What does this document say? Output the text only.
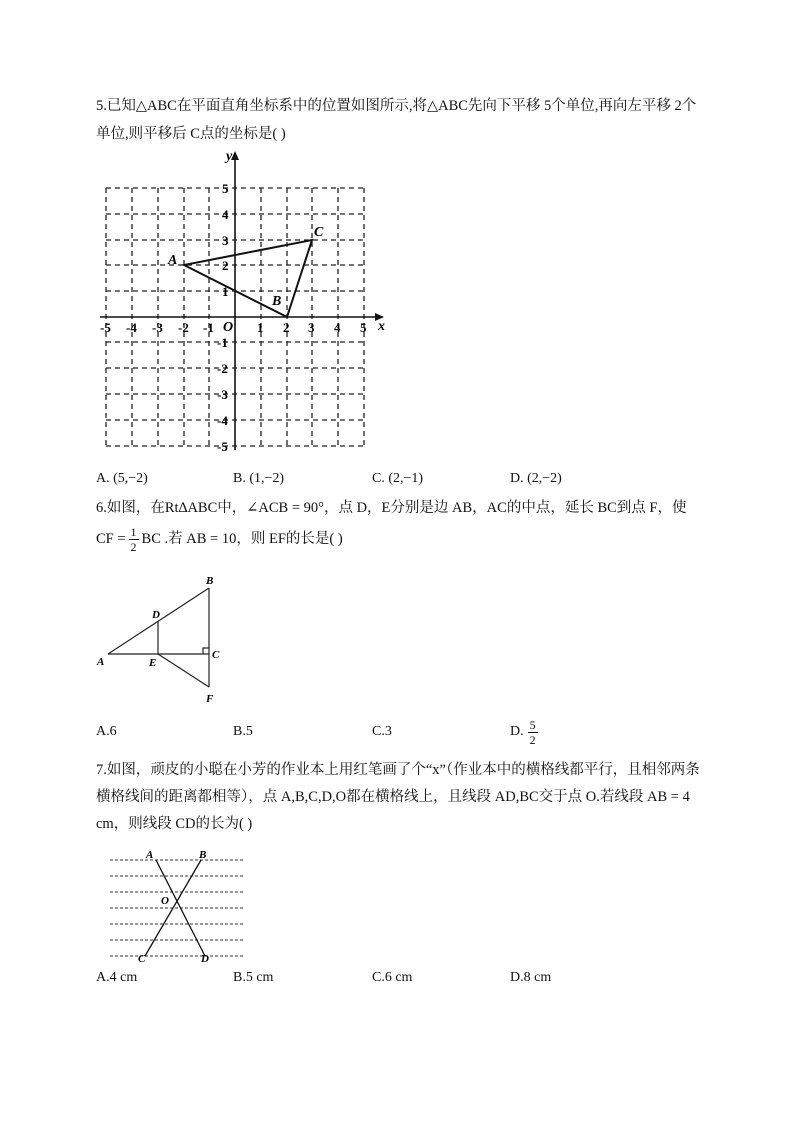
5.已知△ABC在平面直角坐标系中的位置如图所示,将△ABC先向下平移 5个单位,再向左平移 2个
单位,则平移后 C点的坐标是( )
x
y
O
-5 -4 -3 -2 -1	1 2 3 4 5
5
4
3
2
1
-1
-2
-3
-4
-5
A
B
C
A. (5,−2)	B. (1,−2)	C. (2,−1)	D. (2,−2)
6.如图，在Rt∆ABC中，∠ACB = 90°，点 D，E分别是边 AB，AC的中点，延长 BC到点 F，使
CF = $\frac{1}{2}$ BC .若 AB = 10，则 EF的长是( )
A
B
C
D
E
F
A.6	B.5	C.3	D. $\frac{5}{2}$
7.如图，顽皮的小聪在小芳的作业本上用红笔画了个“x”（作业本中的横格线都平行，且相邻两条
横格线间的距离都相等），点 A,B,C,D,O都在横格线上，且线段 AD,BC交于点 O.若线段 AB = 4
cm，则线段 CD的长为( )
A	B
O
C	D
A.4 cm	B.5 cm	C.6 cm	D.8 cm
